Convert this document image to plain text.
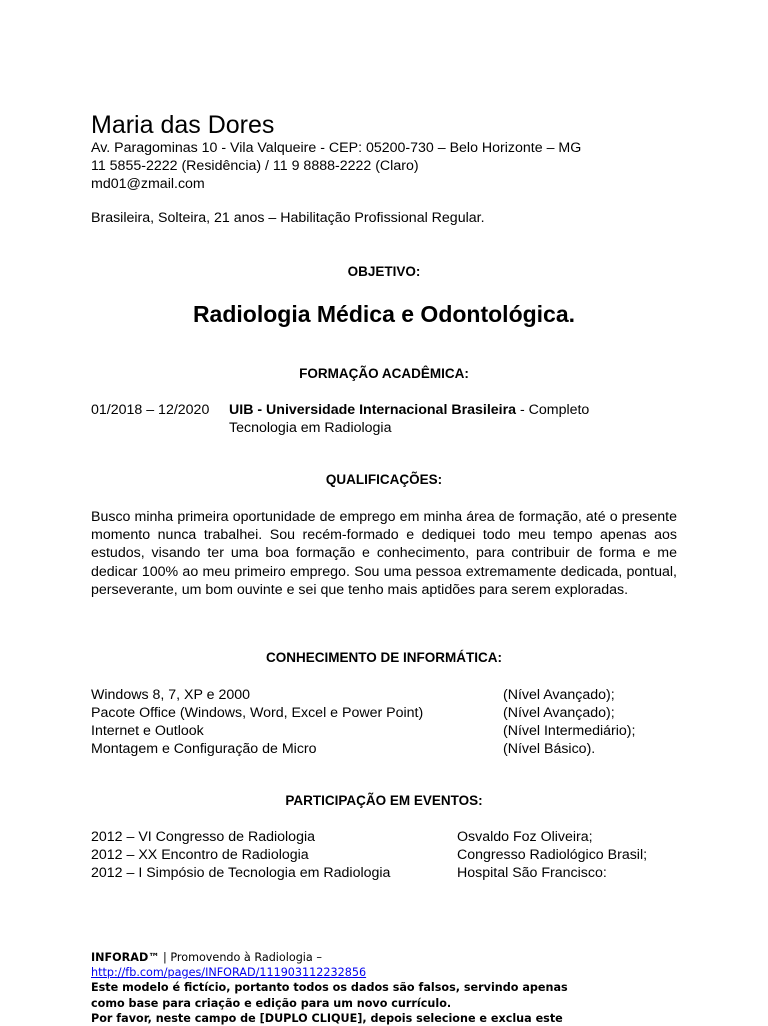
Maria das Dores
Av. Paragominas 10 - Vila Valqueire - CEP: 05200-730 – Belo Horizonte – MG
11 5855-2222 (Residência) / 11 9 8888-2222 (Claro)
md01@zmail.com
Brasileira, Solteira, 21 anos – Habilitação Profissional Regular.
OBJETIVO:
Radiologia Médica e Odontológica.
FORMAÇÃO ACADÊMICA:
01/2018 – 12/2020 UIB - Universidade Internacional Brasileira - Completo
Tecnologia em Radiologia
QUALIFICAÇÕES:
Busco minha primeira oportunidade de emprego em minha área de formação, até o presente momento nunca trabalhei. Sou recém-formado e dediquei todo meu tempo apenas aos estudos, visando ter uma boa formação e conhecimento, para contribuir de forma e me dedicar 100% ao meu primeiro emprego. Sou uma pessoa extremamente dedicada, pontual, perseverante, um bom ouvinte e sei que tenho mais aptidões para serem exploradas.
CONHECIMENTO DE INFORMÁTICA:
Windows 8, 7, XP e 2000	(Nível Avançado);
Pacote Office (Windows, Word, Excel e Power Point)	(Nível Avançado);
Internet e Outlook	(Nível Intermediário);
Montagem e Configuração de Micro	(Nível Básico).
PARTICIPAÇÃO EM EVENTOS:
2012 – VI Congresso de Radiologia	Osvaldo Foz Oliveira;
2012 – XX Encontro de Radiologia	Congresso Radiológico Brasil;
2012 – I Simpósio de Tecnologia em Radiologia	Hospital São Francisco:
INFORAD™ | Promovendo à Radiologia –
http://fb.com/pages/INFORAD/111903112232856
Este modelo é fictício, portanto todos os dados são falsos, servindo apenas
como base para criação e edição para um novo currículo.
Por favor, neste campo de [DUPLO CLIQUE], depois selecione e exclua este
